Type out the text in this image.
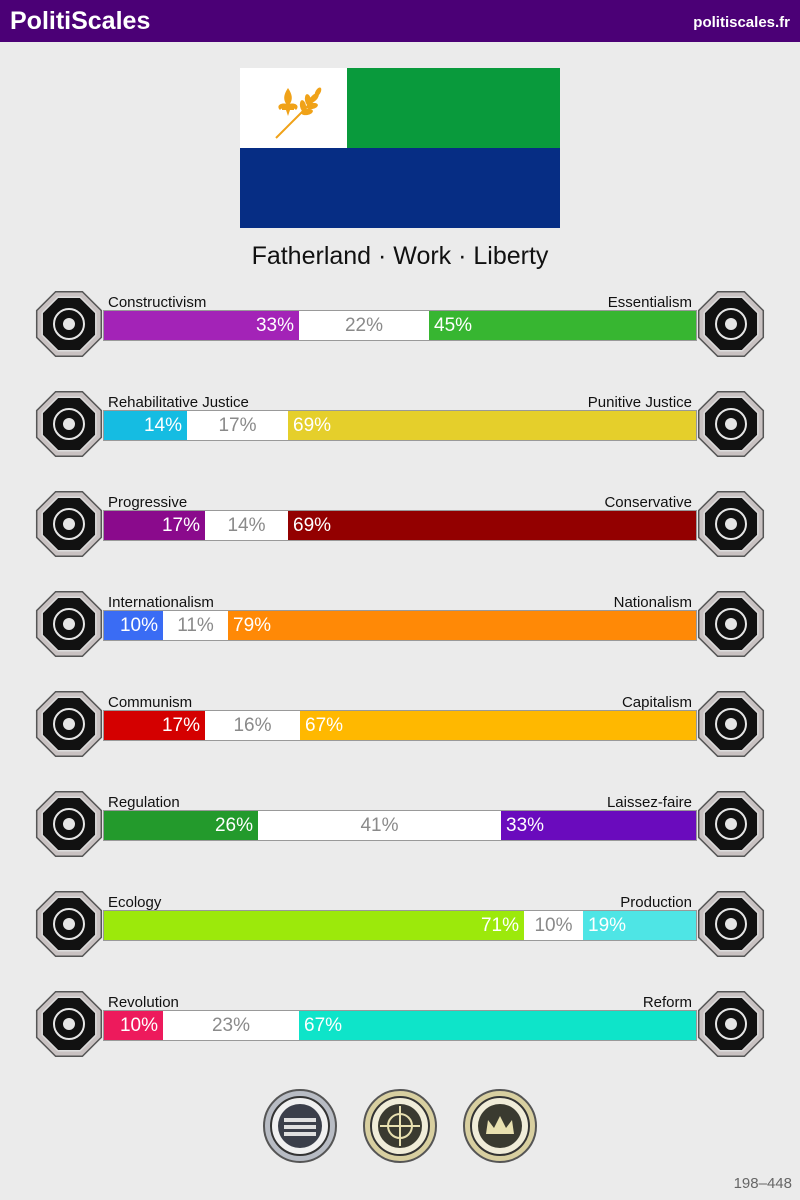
PolitiScales	politiscales.fr
Fatherland · Work · Liberty
33%	22%	45%
Constructivism	Essentialism
14%	17%	69%
Rehabilitative Justice	Punitive Justice
17%	14%	69%
Progressive	Conservative
10%	11%	79%
Internationalism	Nationalism
17%	16%	67%
Communism	Capitalism
26%	41%	33%
Regulation	Laissez-faire
71% 10% 19%
Ecology	Production
10%	23%	67%
Revolution	Reform
198–448
